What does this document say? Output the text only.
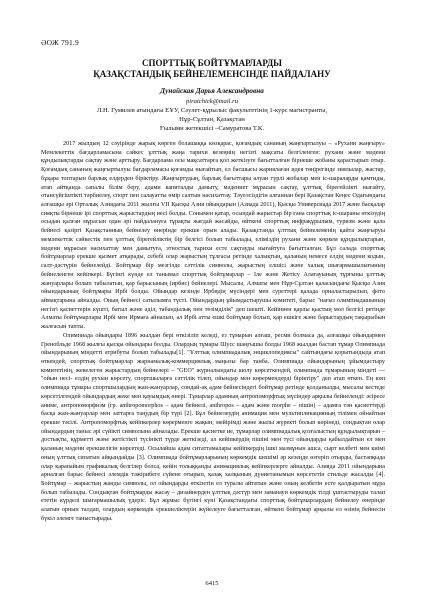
ӘОЖ 791.9
СПОРТТЫҚ БОЙТҰМАРЛАРДЫ
ҚАЗАҚСТАНДЫҚ БЕЙНЕЛЕМЕНСІНДЕ ПАЙДАЛАНУ
Дунайская Дарья Александровна
piratchick@mail.ru
Л.Н. Гумилев атындағы ЕҰУ, Сәулет-құрылыс факультетінің 1-курс магистранты,
Нұр-Сұлтан, Қазақстан
Ғылыми жетекшісі –Самуратова Т.К.

2017 жылдың 12 сәуірінде жарық көрген болашаққа көзқарас, қоғамдық сананың жаңғыртылуы – «Рухани жаңғыру» Мемлекеттік бағдарламасына сәйкес ұлттық жаңа тарихи кезеңнің негізгі мақсаты белгіленген: рухани және мәдени құндылықтарды сақтау және арттыру. Бағдарлама осы мақсаттарға қол жеткізуге бағытталған бірнеше жобаны қарастырып отыр. Қоғамдық сананың жаңғыртылуы бағдарламасы қоғамды нығайтып, ел басшысы жариялаған идея төңірегінде зиялылар, жастар, бұқара топтарын барлық елдерден біріктіру. Жаңғыртудың, барлық бағыттары алуан түрлі жобалар мен іс-шараларды қамтиды, атап айтқанда сапалы білім беру, адами капиталды дамыту, мәдениет мұрасын сақтау, ұлттық бірегейлікті нығайту, отансүйгіштікті тәрбиелеу, спорт пен салауатты өмір салтын насихаттау. Тәуелсіздігін алғаннан бері Қазақстан Кеңес Одағындағы алғашқы әрі Орталық Азиядағы 2011 жылғы VII Қысқы Азия ойындарын (Азиада 2011), Қысқы Универсиада 2017 және басқалар сияқты бірнеше ірі спорттық жарыстардың иесі болды. Сонымен қатар, осындай жарыстар бір ғана спорттық іс-шараны өткізудің осыдан қалған мұрасын одан әрі пайдалануға тұрақты жағдай жасайды, өйткені спорттық инфрақұрылым, туризм және қала бейнесі қазіргі Қазақстанның бейнелеу өнерінде ерекше орын алады. Қазақстанда ұлттық бейнелеменің қайта жаңғыруы мемлекеттік сәйкестік пен ұлттық бірегейліктің бір белгісі болып табылады, еліміздің рухани және көркем құндылықтарын, мәдени мұрасын насихаттау мен дамытуға, этностық тарихи есте сақтауды нығайтуға бағытталған. Бұл салада спорттық бойтұмарлар ерекше қызмет атқарады, себебі олар жарыстың тұлғасы ретінде халықтың, қаланың немесе елдің мәдени кодын, салт-дәстүрін бейнелейді. Бойтұмар бір мезгілде сәттілік символы, жарыстың елшісі және халық шығармашылығының бейнеленген кейіпкері. Бүгінгі күнде ел танымал спорттық бойтұмарлар – Іле және Жетісу Алатауының тұрғыны ұлттық жануарлары болып табылатын, қар барысының (ирбис) бейнелері. Мысалы, Алматы мен Нұр-Сұлтан қаласындағы Қысқы Азия ойындарының бойтұмары Ирбі болды. Ойындар кезінде Ирбидің мүсіндері мен суреттері қалада орналастырылып, фото аймақтарына айналды. Оның бейнесі сатылымға түсті. Ойындардың ұйымдастырушы комитеті, барыс "нағыз олимпиадашының негізгі қасиеттерін күшті, батыл және әділ, табандылық пен төзімділік" деп шешті. Кейіннен қарлы қыстың мол белгісі ретінде Алматы бойтұмарлары Ирбі мен Ирмаға айналып, ал Ирбі атты ешкі бойтұмар болып, қар ешкіге және барыстардың тақырыбын жалғасын тапты.

Олимпиада ойындары 1896 жылдан бері өткізіліп келеді, ез тұмарын алғаш, ресми болмаса да, алғашқы ойындармен Гренобльде 1968 жылғы қысқы ойындары болды. Олардың тұмары Шусс шаңғышы болды 1968 жылдан бастап тұмар Олимпиада ойындарының міндетті атрибуты болып табылады[1]. "Ұлттық олимпиадалық энциклопедиясы" сайтындағы қорытындыда атап өткендей, спорттық бойтұмарлар жарнамалық-коммерциялық маңызы бар танба. Олимпиада ойындарының ұйымдастыру комитетінің, жекелеген жарыстардың бейнелері – "GEO" журналындағы шолу көрсеткендей, олимпиада тұмарының міндеті — "ойын несі- елдің рухын көрсету, спортшыларға сәттілік тілеп, ойындар мен көрермендерді біріктіру" деп атап өткен. Ең көп олимпиада тұмары спортшылардың жан-жануарлар, сондай-ақ адам бейнесіндегі бойтұмар ретінде қолданылды, мысалы кестеде көрсетілгендей ойындардың жеке мен қауымдық өнері. Тұмарлар адамның антропоморфтық мүсіндер арқылы бейнеленді: әсіресе аниме, антропоморфизм (гр. anthropomorphos – адам бейнелі, anthropos – адам және morphe – пішін) – адамға тән қасиеттерді басқа жан-жануарлар мен заттарға таңудың бір түрі [2]. Бұл бейнелеудің анимация мен мультипликацияның тілімен ойнайтын ерекше тәсілі. Антропоморфтық кейіпкерлер көрерменге жақын, мейірімді және жылы жүректі болып көрінеді, сондықтан олар ойындардың таныс әрі сүйікті символына айналады. Ерекше қасиетке ие, тұмарлар олимпиадалық қозғалыстың құндылықтарын – достықты, құрметті және жетістікті түсінікті түрде жеткізеді, ал кейіпкердің пішіні мен түсі ойындарды қабылдайтын ел мен қаланың мәдени ерекшелігін көрсетеді. Осылайша адам ситаттамалары кейіпкердің ішкі мазмұнын ашса, сырт келбеті мен киімі оның ұлттық сипатын айқындайды [3]. Олимпиада бойтұмарларының көркемдік шешімі әр кезеңде өзгеріп отырды, бастапқыда олар қарапайым графикалық белгілер болса, кейін толыққанды анимациялық кейіпкерлерге айналды. Азияда 2011 ойындарына арналған барыс бейнесі әлемдік тәжірибеге сүйене отырып, қазақ халқының дүниетанымын көрсететін стильде жасалды [4]. Бойтұмар – жарыстың жанды символы, ол ойындарды өткізетін ел туралы айтатын және оның келбетін есте қалдыратын мұра болып табылады. Сондықтан бойтұмарды жасау – дизайнерден ұлттық дәстүр мен заманауи көркемдік тілді ұштастыруды талап ететін күрделі шығармашылық үдеріс. Бұл жұмыс бүгінгі күні Қазақстандағы спорттық бойтұмарлардың бейнелеу өнерінде алатын орнын талдап, олардың көркемдік ерекшеліктерін жүйелеуге бағытталған, өйткені бойтұмар арқылы ел өзінің бейнесін бүкіл әлемге таныстырады.

6415
